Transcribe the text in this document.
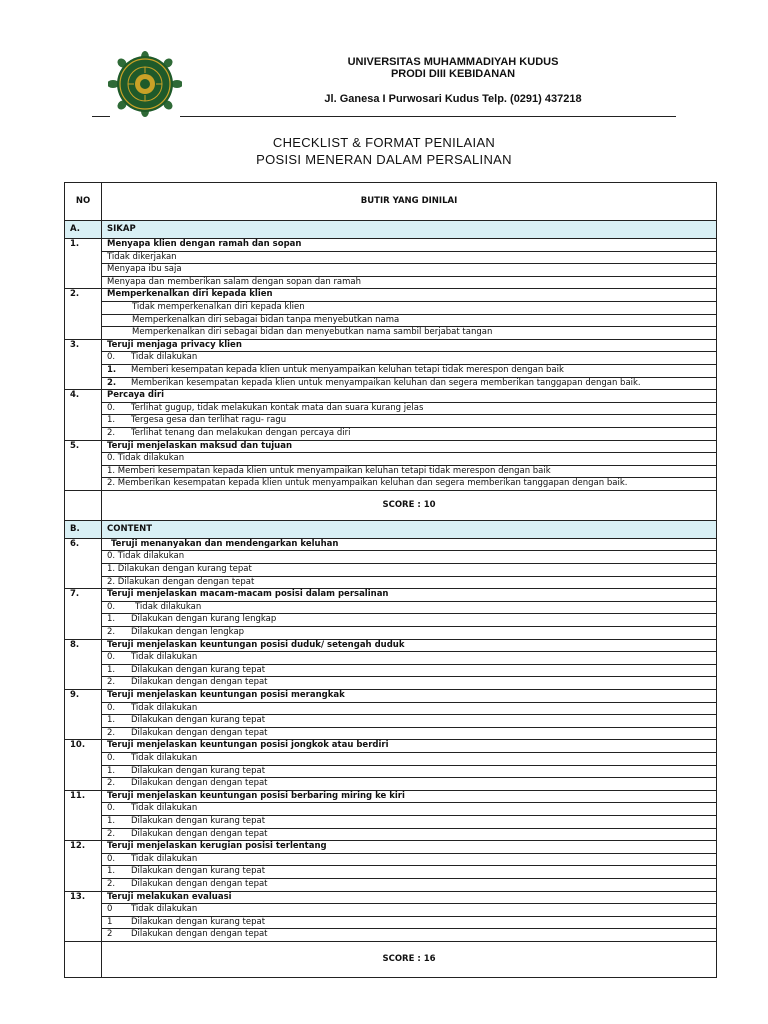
UNIVERSITAS MUHAMMADIYAH KUDUS
PRODI DIII KEBIDANAN
Jl. Ganesa I Purwosari Kudus Telp. (0291) 437218
CHECKLIST & FORMAT PENILAIAN
POSISI MENERAN DALAM PERSALINAN
NO	BUTIR YANG DINILAI
A.	SIKAP
1.	Menyapa klien dengan ramah dan sopan
	Tidak dikerjakan
	Menyapa ibu saja
	Menyapa dan memberikan salam dengan sopan dan ramah
2.	Memperkenalkan diri kepada klien
	Tidak memperkenalkan diri kepada klien
	Memperkenalkan diri sebagai bidan tanpa menyebutkan nama
	Memperkenalkan diri sebagai bidan dan menyebutkan nama sambil berjabat tangan
3.	Teruji menjaga privacy klien
	0. Tidak dilakukan
	1. Memberi kesempatan kepada klien untuk menyampaikan keluhan tetapi tidak merespon dengan baik
	2. Memberikan kesempatan kepada klien untuk menyampaikan keluhan dan segera memberikan tanggapan dengan baik.
4.	Percaya diri
	0. Terlihat gugup, tidak melakukan kontak mata dan suara kurang jelas
	1. Tergesa gesa dan terlihat ragu- ragu
	2. Terlihat tenang dan melakukan dengan percaya diri
5.	Teruji menjelaskan maksud dan tujuan
	0. Tidak dilakukan
	1. Memberi kesempatan kepada klien untuk menyampaikan keluhan tetapi tidak merespon dengan baik
	2. Memberikan kesempatan kepada klien untuk menyampaikan keluhan dan segera memberikan tanggapan dengan baik.
	SCORE : 10
B.	CONTENT
6.	Teruji menanyakan dan mendengarkan keluhan
	0. Tidak dilakukan
	1. Dilakukan dengan kurang tepat
	2. Dilakukan dengan dengan tepat
7.	Teruji menjelaskan macam-macam posisi dalam persalinan
	0. Tidak dilakukan
	1. Dilakukan dengan kurang lengkap
	2. Dilakukan dengan lengkap
8.	Teruji menjelaskan keuntungan posisi duduk/ setengah duduk
	0. Tidak dilakukan
	1. Dilakukan dengan kurang tepat
	2. Dilakukan dengan dengan tepat
9.	Teruji menjelaskan keuntungan posisi merangkak
	0. Tidak dilakukan
	1. Dilakukan dengan kurang tepat
	2. Dilakukan dengan dengan tepat
10.	Teruji menjelaskan keuntungan posisi jongkok atau berdiri
	0. Tidak dilakukan
	1. Dilakukan dengan kurang tepat
	2. Dilakukan dengan dengan tepat
11.	Teruji menjelaskan keuntungan posisi berbaring miring ke kiri
	0. Tidak dilakukan
	1. Dilakukan dengan kurang tepat
	2. Dilakukan dengan dengan tepat
12.	Teruji menjelaskan kerugian posisi terlentang
	0. Tidak dilakukan
	1. Dilakukan dengan kurang tepat
	2. Dilakukan dengan dengan tepat
13.	Teruji melakukan evaluasi
	0 Tidak dilakukan
	1 Dilakukan dengan kurang tepat
	2 Dilakukan dengan dengan tepat
	SCORE : 16
